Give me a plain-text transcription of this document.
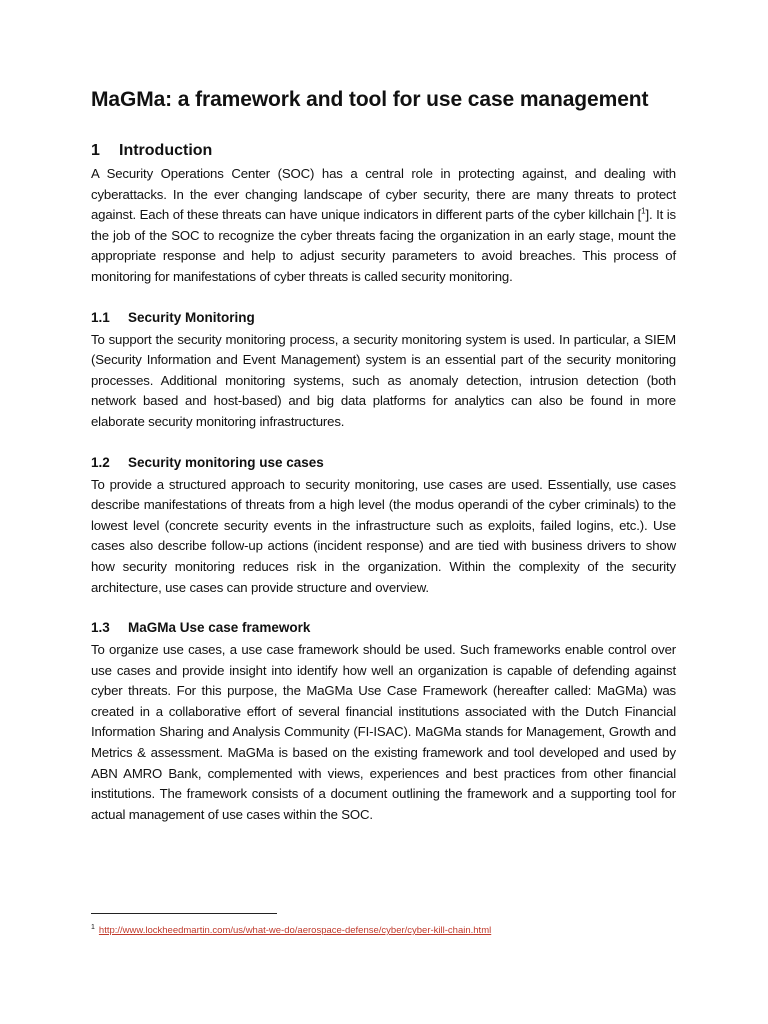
MaGMa: a framework and tool for use case management
1	Introduction

A Security Operations Center (SOC) has a central role in protecting against, and dealing with cyberattacks. In the ever changing landscape of cyber security, there are many threats to protect against. Each of these threats can have unique indicators in different parts of the cyber killchain [$^1$]. It is the job of the SOC to recognize the cyber threats facing the organization in an early stage, mount the appropriate response and help to adjust security parameters to avoid breaches. This process of monitoring for manifestations of cyber threats is called security monitoring.

1.1	Security Monitoring

To support the security monitoring process, a security monitoring system is used. In particular, a SIEM (Security Information and Event Management) system is an essential part of the security monitoring processes. Additional monitoring systems, such as anomaly detection, intrusion detection (both network based and host-based) and big data platforms for analytics can also be found in more elaborate security monitoring infrastructures.

1.2	Security monitoring use cases

To provide a structured approach to security monitoring, use cases are used. Essentially, use cases describe manifestations of threats from a high level (the modus operandi of the cyber criminals) to the lowest level (concrete security events in the infrastructure such as exploits, failed logins, etc.). Use cases also describe follow-up actions (incident response) and are tied with business drivers to show how security monitoring reduces risk in the organization. Within the complexity of the security architecture, use cases can provide structure and overview.

1.3	MaGMa Use case framework

To organize use cases, a use case framework should be used. Such frameworks enable control over use cases and provide insight into identify how well an organization is capable of defending against cyber threats. For this purpose, the MaGMa Use Case Framework (hereafter called: MaGMa) was created in a collaborative effort of several financial institutions associated with the Dutch Financial Information Sharing and Analysis Community (FI-ISAC). MaGMa stands for Management, Growth and Metrics & assessment. MaGMa is based on the existing framework and tool developed and used by ABN AMRO Bank, complemented with views, experiences and best practices from other financial institutions. The framework consists of a document outlining the framework and a supporting tool for actual management of use cases within the SOC.

$^1$ http://www.lockheedmartin.com/us/what-we-do/aerospace-defense/cyber/cyber-kill-chain.html
